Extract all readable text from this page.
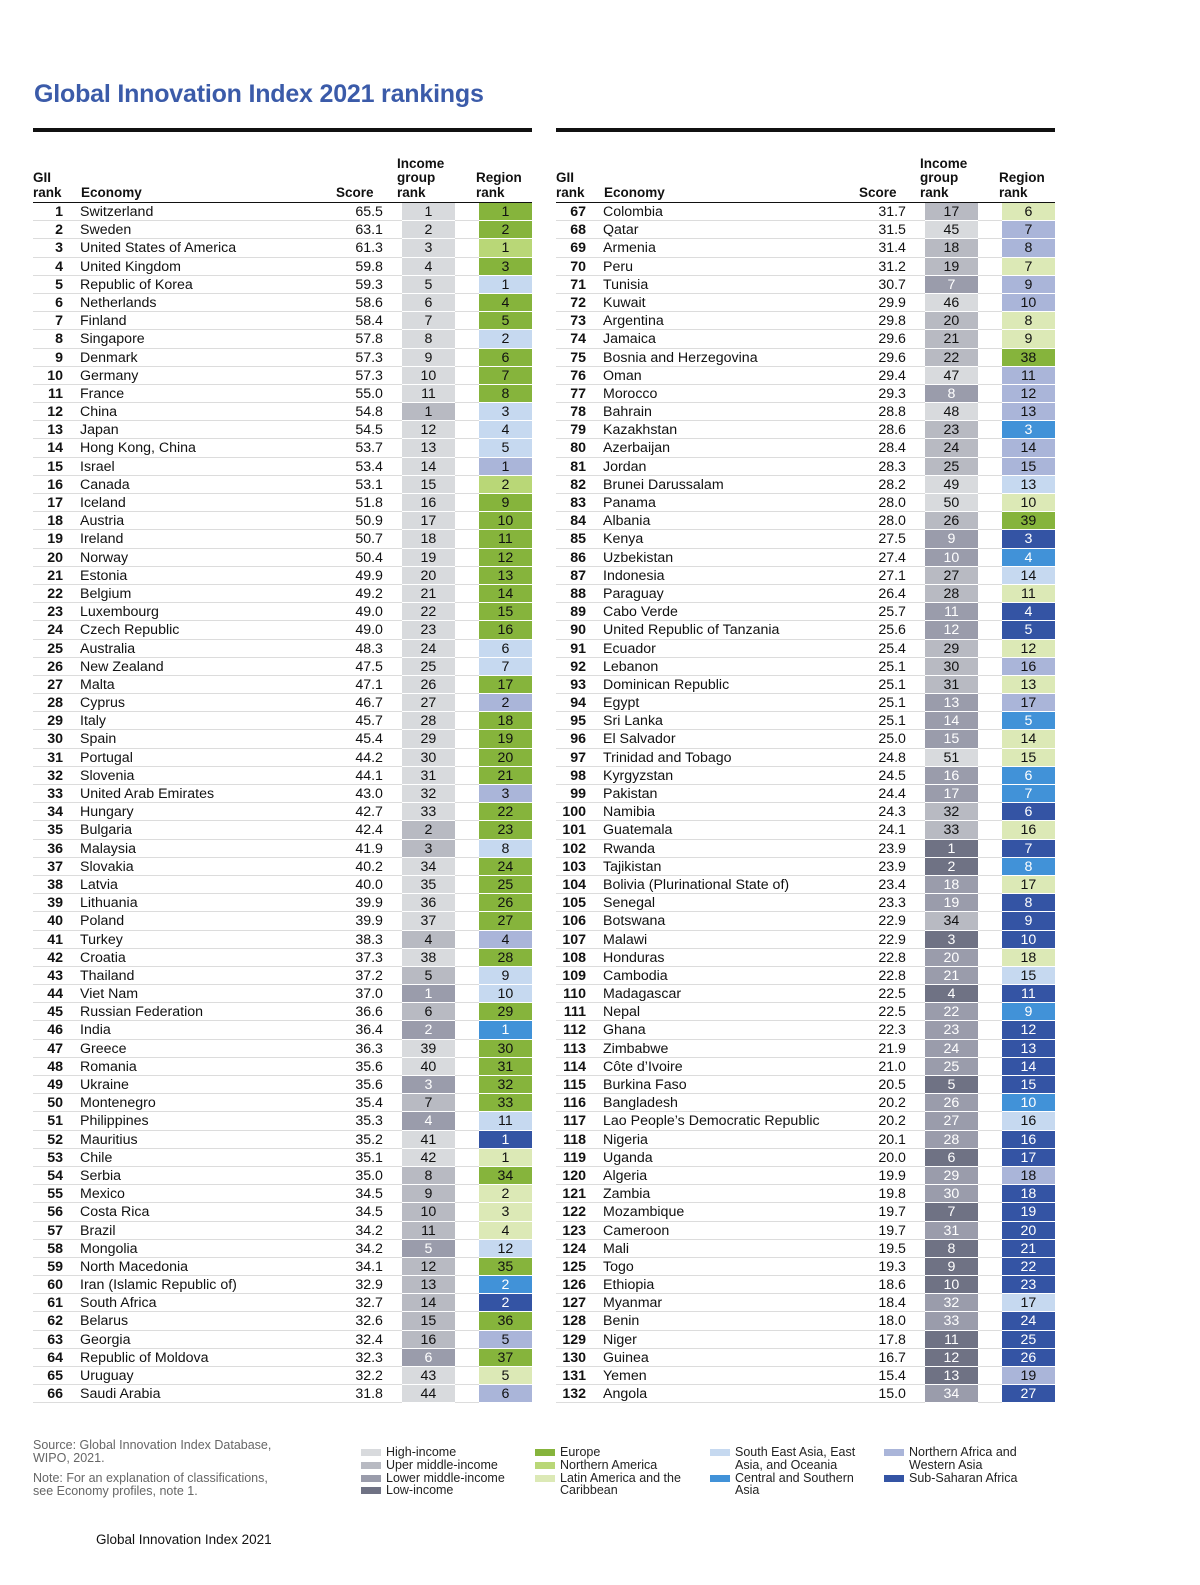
Global Innovation Index 2021 rankings
GII
rank Economy	Score
Income
group
rank
Region
rank
1	Switzerland	65.5	1	1
2	Sweden	63.1	2	2
3	United States of America	61.3	3	1
4	United Kingdom	59.8	4	3
5	Republic of Korea	59.3	5	1
6	Netherlands	58.6	6	4
7	Finland	58.4	7	5
8	Singapore	57.8	8	2
9	Denmark	57.3	9	6
10	Germany	57.3	10	7
11	France	55.0	11	8
12	China	54.8	1	3
13	Japan	54.5	12	4
14	Hong Kong, China	53.7	13	5
15	Israel	53.4	14	1
16	Canada	53.1	15	2
17	Iceland	51.8	16	9
18	Austria	50.9	17	10
19	Ireland	50.7	18	11
20	Norway	50.4	19	12
21	Estonia	49.9	20	13
22	Belgium	49.2	21	14
23	Luxembourg	49.0	22	15
24	Czech Republic	49.0	23	16
25	Australia	48.3	24	6
26	New Zealand	47.5	25	7
27	Malta	47.1	26	17
28	Cyprus	46.7	27	2
29	Italy	45.7	28	18
30	Spain	45.4	29	19
31	Portugal	44.2	30	20
32	Slovenia	44.1	31	21
33	United Arab Emirates	43.0	32	3
34	Hungary	42.7	33	22
35	Bulgaria	42.4	2	23
36	Malaysia	41.9	3	8
37	Slovakia	40.2	34	24
38	Latvia	40.0	35	25
39	Lithuania	39.9	36	26
40	Poland	39.9	37	27
41	Turkey	38.3	4	4
42	Croatia	37.3	38	28
43	Thailand	37.2	5	9
44	Viet Nam	37.0	1	10
45	Russian Federation	36.6	6	29
46	India	36.4	2	1
47	Greece	36.3	39	30
48	Romania	35.6	40	31
49	Ukraine	35.6	3	32
50	Montenegro	35.4	7	33
51	Philippines	35.3	4	11
52	Mauritius	35.2	41	1
53	Chile	35.1	42	1
54	Serbia	35.0	8	34
55	Mexico	34.5	9	2
56	Costa Rica	34.5	10	3
57	Brazil	34.2	11	4
58	Mongolia	34.2	5	12
59	North Macedonia	34.1	12	35
60	Iran (Islamic Republic of)	32.9	13	2
61	South Africa	32.7	14	2
62	Belarus	32.6	15	36
63	Georgia	32.4	16	5
64	Republic of Moldova	32.3	6	37
65	Uruguay	32.2	43	5
66	Saudi Arabia	31.8	44	6
GII
rank Economy	Score
Income
group
rank
Region
rank
67	Colombia	31.7	17	6
68	Qatar	31.5	45	7
69	Armenia	31.4	18	8
70	Peru	31.2	19	7
71	Tunisia	30.7	7	9
72	Kuwait	29.9	46	10
73	Argentina	29.8	20	8
74	Jamaica	29.6	21	9
75	Bosnia and Herzegovina	29.6	22	38
76	Oman	29.4	47	11
77	Morocco	29.3	8	12
78	Bahrain	28.8	48	13
79	Kazakhstan	28.6	23	3
80	Azerbaijan	28.4	24	14
81	Jordan	28.3	25	15
82	Brunei Darussalam	28.2	49	13
83	Panama	28.0	50	10
84	Albania	28.0	26	39
85	Kenya	27.5	9	3
86	Uzbekistan	27.4	10	4
87	Indonesia	27.1	27	14
88	Paraguay	26.4	28	11
89	Cabo Verde	25.7	11	4
90	United Republic of Tanzania	25.6	12	5
91	Ecuador	25.4	29	12
92	Lebanon	25.1	30	16
93	Dominican Republic	25.1	31	13
94	Egypt	25.1	13	17
95	Sri Lanka	25.1	14	5
96	El Salvador	25.0	15	14
97	Trinidad and Tobago	24.8	51	15
98	Kyrgyzstan	24.5	16	6
99	Pakistan	24.4	17	7
100	Namibia	24.3	32	6
101	Guatemala	24.1	33	16
102	Rwanda	23.9	1	7
103	Tajikistan	23.9	2	8
104	Bolivia (Plurinational State of)	23.4	18	17
105	Senegal	23.3	19	8
106	Botswana	22.9	34	9
107	Malawi	22.9	3	10
108	Honduras	22.8	20	18
109	Cambodia	22.8	21	15
110	Madagascar	22.5	4	11
111	Nepal	22.5	22	9
112	Ghana	22.3	23	12
113	Zimbabwe	21.9	24	13
114	Côte d’Ivoire	21.0	25	14
115	Burkina Faso	20.5	5	15
116	Bangladesh	20.2	26	10
117	Lao People’s Democratic Republic	20.2	27	16
118	Nigeria	20.1	28	16
119	Uganda	20.0	6	17
120	Algeria	19.9	29	18
121	Zambia	19.8	30	18
122	Mozambique	19.7	7	19
123	Cameroon	19.7	31	20
124	Mali	19.5	8	21
125	Togo	19.3	9	22
126	Ethiopia	18.6	10	23
127	Myanmar	18.4	32	17
128	Benin	18.0	33	24
129	Niger	17.8	11	25
130	Guinea	16.7	12	26
131	Yemen	15.4	13	19
132	Angola	15.0	34	27

Source: Global Innovation Index Database,
WIPO, 2021.

Note: For an explanation of classifications,
see Economy profiles, note 1.

High-income
Uper middle-income
Lower middle-income
Low-income
Europe
Northern America
Latin America and the
Caribbean
South East Asia, East
Asia, and Oceania
Central and Southern
Asia
Northern Africa and
Western Asia
Sub-Saharan Africa

Global Innovation Index 2021
